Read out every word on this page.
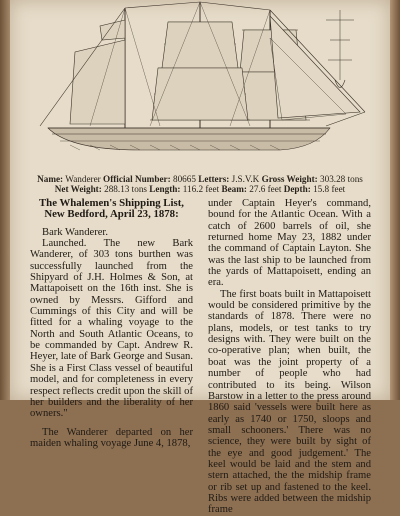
Name: Wanderer Official Number: 80665 Letters: J.S.V.K Gross Weight: 303.28 tons
Net Weight: 288.13 tons Length: 116.2 feet Beam: 27.6 feet Depth: 15.8 feet

The Whalemen's Shipping List, New Bedford, April 23, 1878:

Bark Wanderer.

Launched. The new Bark Wanderer, of 303 tons burthen was successfully launched from the Shipyard of J.H. Holmes & Son, at Mattapoisett on the 16th inst. She is owned by Messrs. Gifford and Cummings of this City and will be fitted for a whaling voyage to the North and South Atlantic Oceans, to be commanded by Capt. Andrew R. Heyer, late of Bark George and Susan. She is a First Class vessel of beautiful model, and for completeness in every respect reflects credit upon the skill of her builders and the liberality of her owners."

The Wanderer departed on her maiden whaling voyage June 4, 1878,

under Captain Heyer's command, bound for the Atlantic Ocean. With a catch of 2600 barrels of oil, she returned home May 23, 1882 under the command of Captain Layton. She was the last ship to be launched from the yards of Mattapoisett, ending an era.

The first boats built in Mattapoisett would be considered primitive by the standards of 1878. There were no plans, models, or test tanks to try designs with. They were built on the co-operative plan; when built, the boat was the joint property of a number of people who had contributed to its being. Wilson Barstow in a letter to the press around 1860 said 'vessels were built here as early as 1740 or 1750, sloops and small schooners.' There was no science, they were built by sight of the eye and good judgement.' The keel would be laid and the stem and stern attached, the the midship frame or rib set up and fastened to the keel. Ribs were added between the midship frame
